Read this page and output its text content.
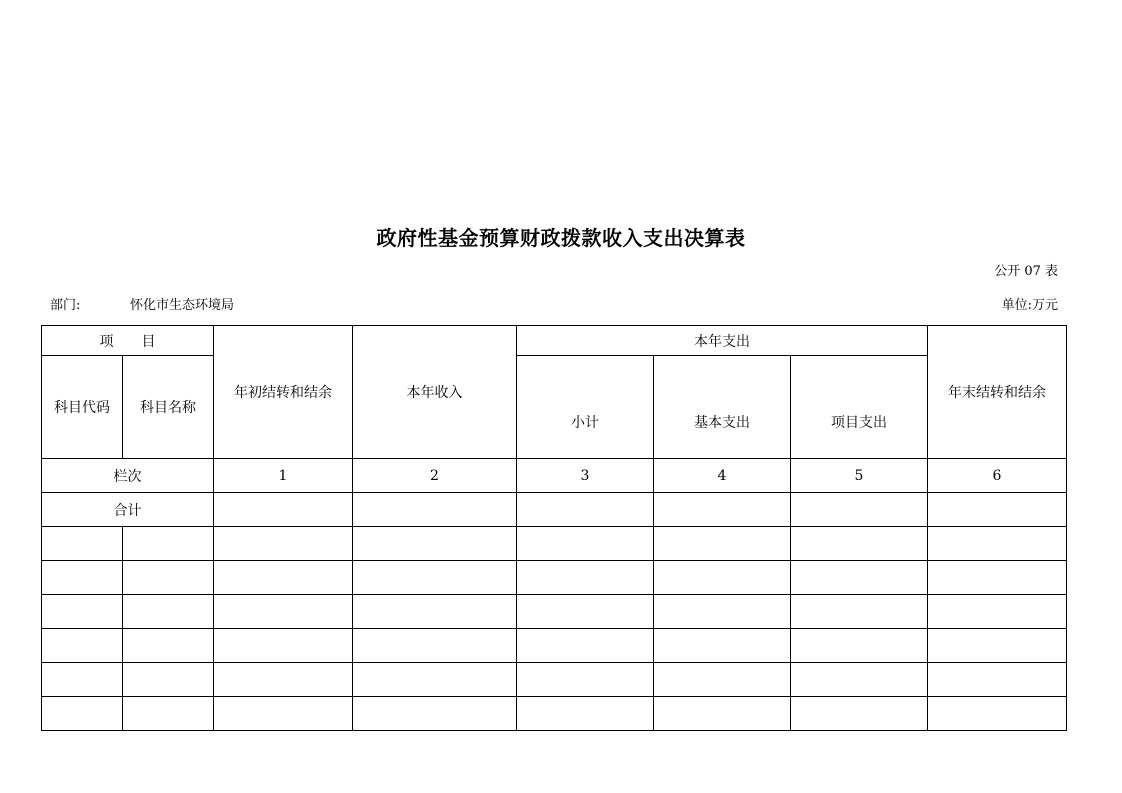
政府性基金预算财政拨款收入支出决算表
公开 07 表
部门:	怀化市生态环境局	单位:万元
项　　目		年初结转和结余	本年收入	本年支出			年末结转和结余
科目代码	科目名称			小计	基本支出	项目支出	
栏次		1	2	3	4	5	6
合计							
